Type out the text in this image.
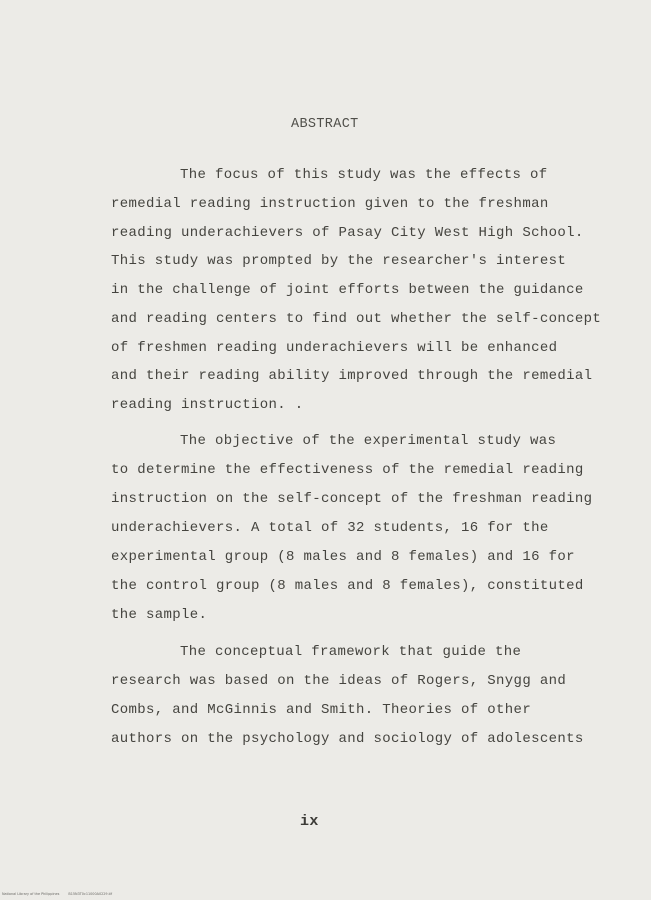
ABSTRACT

The focus of this study was the effects of

remedial reading instruction given to the freshman

reading underachievers of Pasay City West High School.

This study was prompted by the researcher's interest

in the challenge of joint efforts between the guidance

and reading centers to find out whether the self-concept

of freshmen reading underachievers will be enhanced

and their reading ability improved through the remedial

reading instruction. .

The objective of the experimental study was

to determine the effectiveness of the remedial reading

instruction on the self-concept of the freshman reading

underachievers. A total of 32 students, 16 for the

experimental group (8 males and 8 females) and 16 for

the control group (8 males and 8 females), constituted

the sample.

The conceptual framework that guide the

research was based on the ideas of Rogers, Snygg and

Combs, and McGinnis and Smith. Theories of other

authors on the psychology and sociology of adolescents

ix

National Library of the Philippines	B15N3T0c11000A0229.tif
